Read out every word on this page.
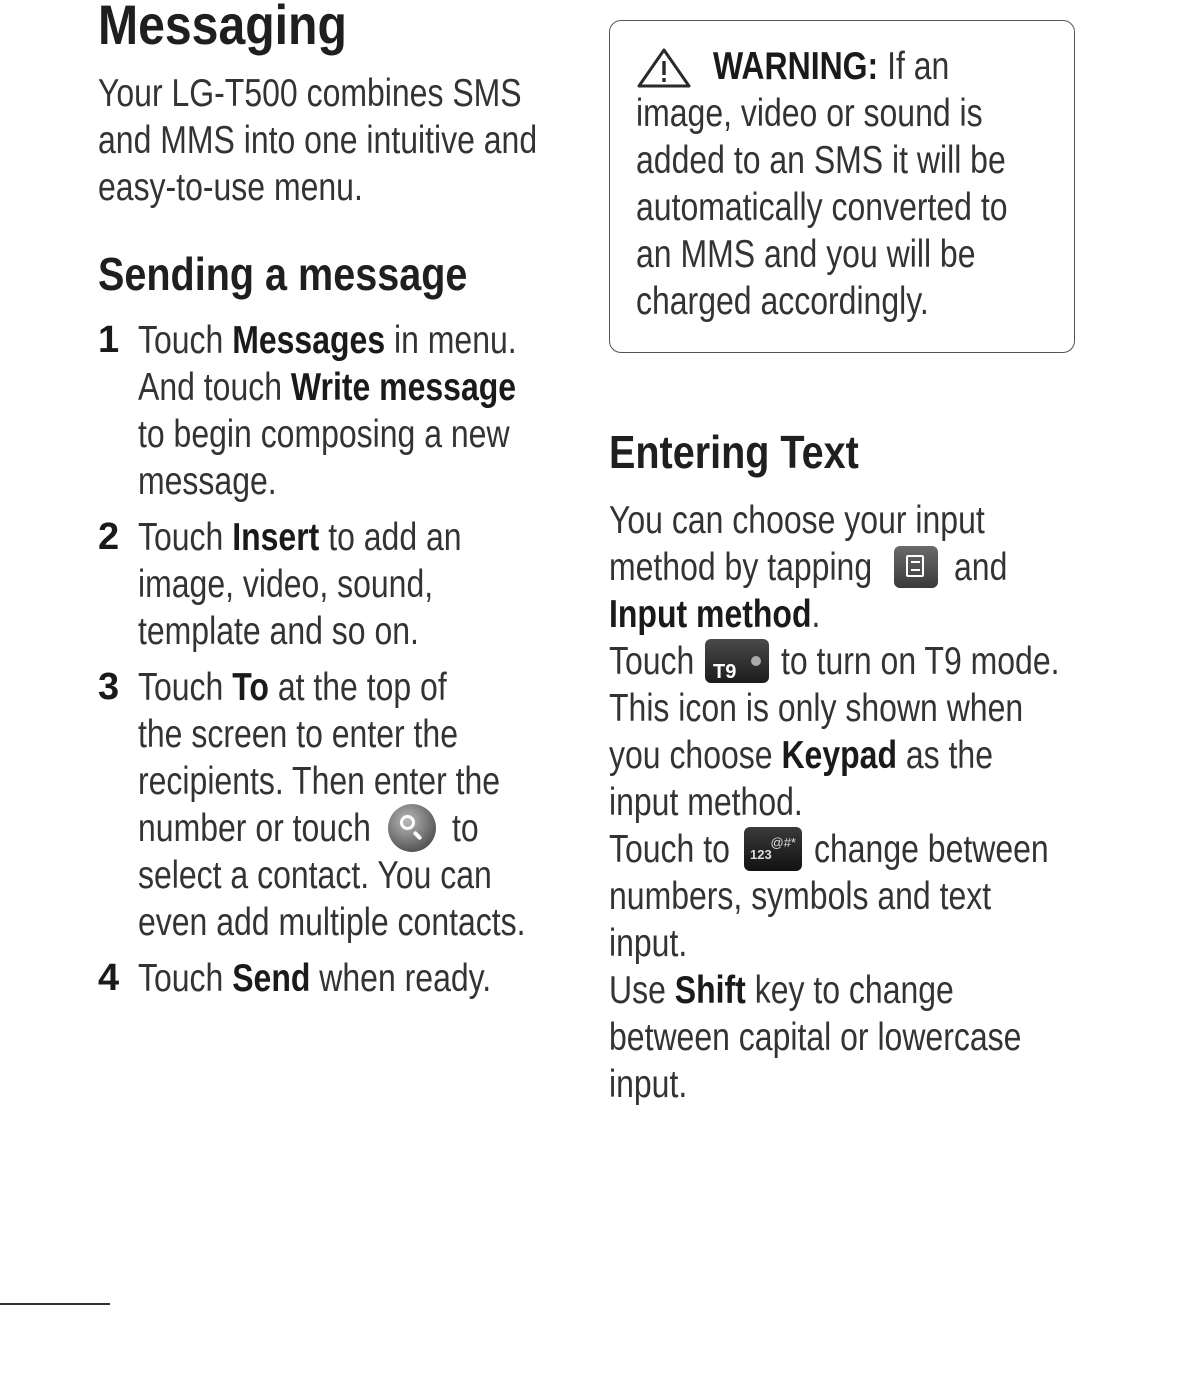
Messaging
Your LG-T500 combines SMS
and MMS into one intuitive and
easy-to-use menu.
Sending a message
1 Touch Messages in menu.
And touch Write message
to begin composing a new
message.
2 Touch Insert to add an
image, video, sound,
template and so on.
3 Touch To at the top of
the screen to enter the
recipients. Then enter the
number or touch to
select a contact. You can
even add multiple contacts.
4 Touch Send when ready.
WARNING: If an
image, video or sound is
added to an SMS it will be
automatically converted to
an MMS and you will be
charged accordingly.
Entering Text
You can choose your input
method by tapping and
Input method.
Touch T9 to turn on T9 mode.
This icon is only shown when
you choose Keypad as the
input method.
Touch to 123
@#* change between
numbers, symbols and text
input.
Use Shift key to change
between capital or lowercase
input.
